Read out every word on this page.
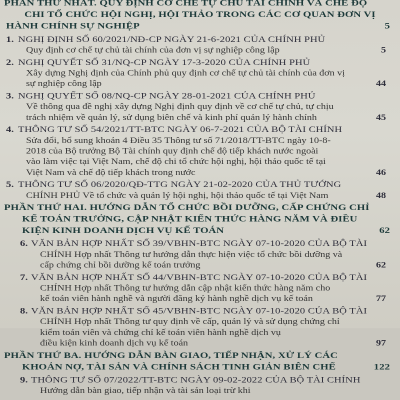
PHẦN THỨ NHẤT. QUY ĐỊNH CƠ CHẾ TỰ CHỦ TÀI CHÍNH VÀ CHẾ ĐỘ
CHI TỔ CHỨC HỘI NGHỊ, HỘI THẢO TRONG CÁC CƠ QUAN ĐƠN VỊ
HÀNH CHÍNH SỰ NGHIỆP	5
1. NGHỊ ĐỊNH SỐ 60/2021/NĐ-CP NGÀY 21-6-2021 CỦA CHÍNH PHỦ
Quy định cơ chế tự chủ tài chính của đơn vị sự nghiệp công lập	5
2. NGHỊ QUYẾT SỐ 31/NQ-CP NGÀY 17-3-2020 CỦA CHÍNH PHỦ
Xây dựng Nghị định của Chính phủ quy định cơ chế tự chủ tài chính của đơn vị
sự nghiệp công lập	44
3. NGHỊ QUYẾT SỐ 08/NQ-CP NGÀY 28-01-2021 CỦA CHÍNH PHỦ
Về thông qua đề nghị xây dựng Nghị định quy định về cơ chế tự chủ, tự chịu
trách nhiệm về quản lý, sử dụng biên chế và kinh phí quản lý hành chính	45
4. THÔNG TƯ SỐ 54/2021/TT-BTC NGÀY 06-7-2021 CỦA BỘ TÀI CHÍNH
Sửa đổi, bổ sung khoản 4 Điều 35 Thông tư số 71/2018/TT-BTC ngày 10-8-
2018 của Bộ trưởng Bộ Tài chính quy định chế độ tiếp khách nước ngoài
vào làm việc tại Việt Nam, chế độ chi tổ chức hội nghị, hội thảo quốc tế tại
Việt Nam và chế độ tiếp khách trong nước	46
5. THÔNG TƯ SỐ 06/2020/QĐ-TTG NGÀY 21-02-2020 CỦA THỦ TƯỚNG
CHÍNH PHỦ Về tổ chức và quản lý hội nghị, hội thảo quốc tế tại Việt Nam	48
PHẦN THỨ HAI. HƯỚNG DẪN TỔ CHỨC BỒI DƯỠNG, CẤP CHỨNG CHỈ
KẾ TOÁN TRƯỞNG, CẬP NHẬT KIẾN THỨC HÀNG NĂM VÀ ĐIỀU
KIỆN KINH DOANH DỊCH VỤ KẾ TOÁN	62
6. VĂN BẢN HỢP NHẤT SỐ 39/VBHN-BTC NGÀY 07-10-2020 CỦA BỘ TÀI
CHÍNH Hợp nhất Thông tư hướng dẫn thực hiện việc tổ chức bồi dưỡng và
cấp chứng chỉ bồi dưỡng kế toán trưởng	62
7. VĂN BẢN HỢP NHẤT SỐ 44/VBHN-BTC NGÀY 07-10-2020 CỦA BỘ TÀI
CHÍNH Hợp nhất Thông tư hướng dẫn cập nhật kiến thức hàng năm cho
kế toán viên hành nghề và người đăng ký hành nghề dịch vụ kế toán	77
8. VĂN BẢN HỢP NHẤT SỐ 45/VBHN-BTC NGÀY 07-10-2020 CỦA BỘ TÀI
CHÍNH Hợp nhất Thông tư quy định về cấp, quản lý và sử dụng chứng chỉ
kiểm toán viên và chứng chỉ kế toán viên hành nghề dịch vụ
điều kiện kinh doanh dịch vụ kế toán	97
PHẦN THỨ BA. HƯỚNG DẪN BÀN GIAO, TIẾP NHẬN, XỬ LÝ CÁC
KHOẢN NỢ, TÀI SẢN VÀ CHÍNH SÁCH TINH GIẢN BIÊN CHẾ	122
9. THÔNG TƯ SỐ 07/2022/TT-BTC NGÀY 09-02-2022 CỦA BỘ TÀI CHÍNH
Hướng dẫn bàn giao, tiếp nhận và tài sản loại trừ khi
